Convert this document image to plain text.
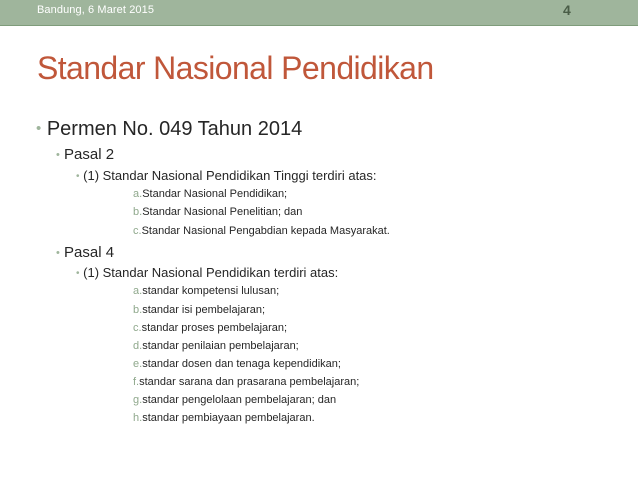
Bandung, 6 Maret 2015	4
Standar Nasional Pendidikan
• Permen No. 049 Tahun 2014
• Pasal 2
• (1) Standar Nasional Pendidikan Tinggi terdiri atas:
a.Standar Nasional Pendidikan;
b.Standar Nasional Penelitian; dan
c.Standar Nasional Pengabdian kepada Masyarakat.
• Pasal 4
• (1) Standar Nasional Pendidikan terdiri atas:
a.standar kompetensi lulusan;
b.standar isi pembelajaran;
c.standar proses pembelajaran;
d.standar penilaian pembelajaran;
e.standar dosen dan tenaga kependidikan;
f.standar sarana dan prasarana pembelajaran;
g.standar pengelolaan pembelajaran; dan
h.standar pembiayaan pembelajaran.
